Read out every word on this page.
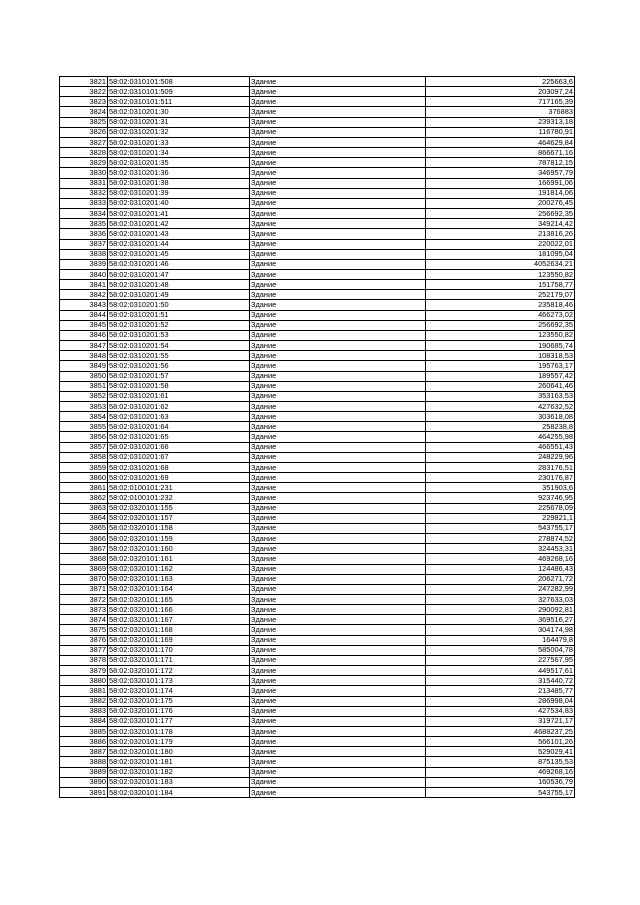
3821	58:02:0310101:508	Здание	225663,6
3822	58:02:0310101:509	Здание	203097,24
3823	58:02:0310101:511	Здание	717165,39
3824	58:02:0310201:30	Здание	376883
3825	58:02:0310201:31	Здание	239313,18
3826	58:02:0310201:32	Здание	116780,91
3827	58:02:0310201:33	Здание	464629,84
3828	58:02:0310201:34	Здание	866671,16
3829	58:02:0310201:35	Здание	787812,15
3830	58:02:0310201:36	Здание	346957,79
3831	58:02:0310201:38	Здание	166991,06
3832	58:02:0310201:39	Здание	191814,06
3833	58:02:0310201:40	Здание	200276,45
3834	58:02:0310201:41	Здание	256692,35
3835	58:02:0310201:42	Здание	349214,42
3836	58:02:0310201:43	Здание	213816,26
3837	58:02:0310201:44	Здание	220022,01
3838	58:02:0310201:45	Здание	181095,04
3839	58:02:0310201:46	Здание	4052634,21
3840	58:02:0310201:47	Здание	123550,82
3841	58:02:0310201:48	Здание	151758,77
3842	58:02:0310201:49	Здание	252179,07
3843	58:02:0310201:50	Здание	235818,46
3844	58:02:0310201:51	Здание	466273,02
3845	58:02:0310201:52	Здание	256692,35
3846	58:02:0310201:53	Здание	123550,82
3847	58:02:0310201:54	Здание	190685,74
3848	58:02:0310201:55	Здание	108318,53
3849	58:02:0310201:56	Здание	195763,17
3850	58:02:0310201:57	Здание	189557,42
3851	58:02:0310201:58	Здание	260641,46
3852	58:02:0310201:61	Здание	353163,53
3853	58:02:0310201:62	Здание	427632,52
3854	58:02:0310201:63	Здание	303618,08
3855	58:02:0310201:64	Здание	258238,8
3856	58:02:0310201:65	Здание	464255,98
3857	58:02:0310201:66	Здание	466551,43
3858	58:02:0310201:67	Здание	248229,96
3859	58:02:0310201:68	Здание	283176,51
3860	58:02:0310201:69	Здание	230176,87
3861	58:02:0100101:231	Здание	351903,6
3862	58:02:0100101:232	Здание	923746,95
3863	58:02:0320101:155	Здание	225678,09
3864	58:02:0320101:157	Здание	229821,1
3865	58:02:0320101:158	Здание	543755,17
3866	58:02:0320101:159	Здание	278874,52
3867	58:02:0320101:160	Здание	324453,31
3868	58:02:0320101:161	Здание	469268,16
3869	58:02:0320101:162	Здание	124486,43
3870	58:02:0320101:163	Здание	206271,72
3871	58:02:0320101:164	Здание	247282,99
3872	58:02:0320101:165	Здание	327633,03
3873	58:02:0320101:166	Здание	290092,81
3874	58:02:0320101:167	Здание	369516,27
3875	58:02:0320101:168	Здание	304174,98
3876	58:02:0320101:169	Здание	164479,8
3877	58:02:0320101:170	Здание	585004,78
3878	58:02:0320101:171	Здание	227567,95
3879	58:02:0320101:172	Здание	449517,61
3880	58:02:0320101:173	Здание	315440,72
3881	58:02:0320101:174	Здание	213485,77
3882	58:02:0320101:175	Здание	286998,04
3883	58:02:0320101:176	Здание	427534,83
3884	58:02:0320101:177	Здание	319721,17
3885	58:02:0320101:178	Здание	4688237,25
3886	58:02:0320101:179	Здание	566101,26
3887	58:02:0320101:180	Здание	529029,41
3888	58:02:0320101:181	Здание	875135,53
3889	58:02:0320101:182	Здание	469268,16
3890	58:02:0320101:183	Здание	160536,79
3891	58:02:0320101:184	Здание	543755,17
